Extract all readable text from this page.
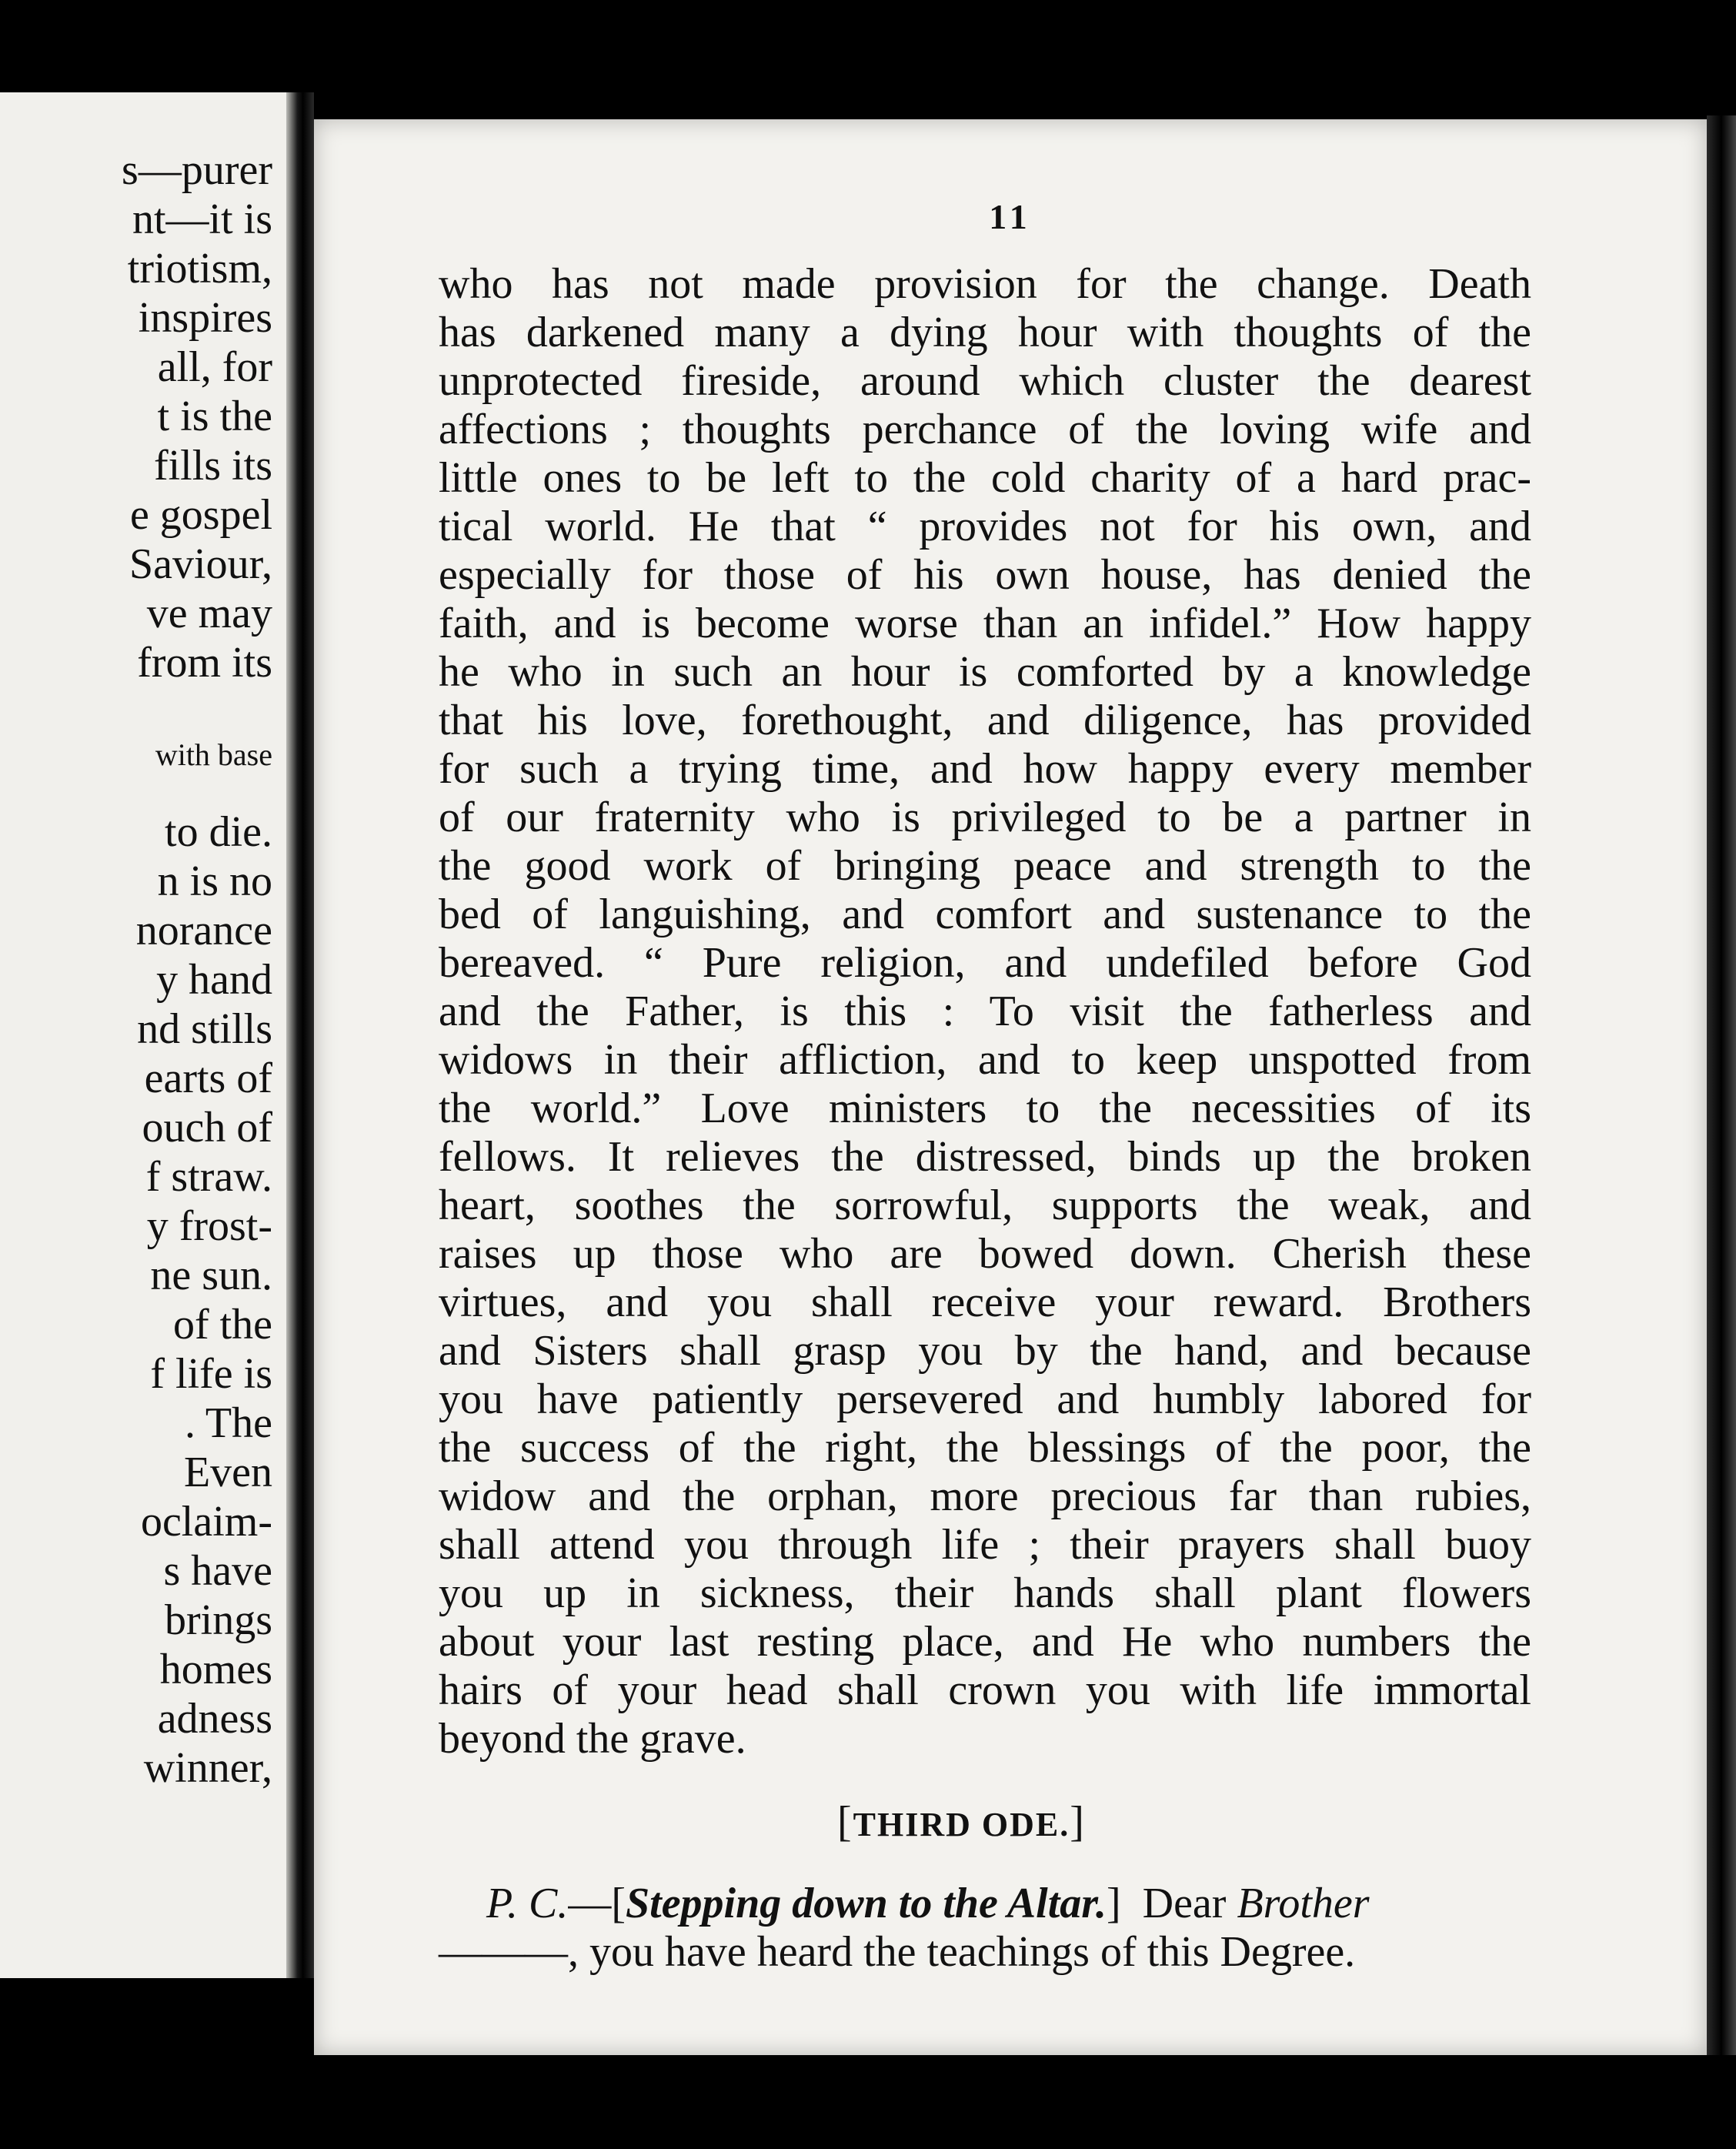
s—purer
nt—it is
triotism,
inspires
all, for
t is the
fills its
e gospel
Saviour,
ve may
from its
with base
to die.
n is no
norance
y hand
nd stills
earts of
ouch of
f straw.
y frost-
ne sun.
of the
f life is
. The
Even
oclaim-
s have
brings
homes
adness
winner,
11
who has not made provision for the change. Death
has darkened many a dying hour with thoughts of the
unprotected fireside, around which cluster the dearest
affections ; thoughts perchance of the loving wife and
little ones to be left to the cold charity of a hard prac-
tical world. He that “ provides not for his own, and
especially for those of his own house, has denied the
faith, and is become worse than an infidel.” How happy
he who in such an hour is comforted by a knowledge
that his love, forethought, and diligence, has provided
for such a trying time, and how happy every member
of our fraternity who is privileged to be a partner in
the good work of bringing peace and strength to the
bed of languishing, and comfort and sustenance to the
bereaved. “ Pure religion, and undefiled before God
and the Father, is this : To visit the fatherless and
widows in their affliction, and to keep unspotted from
the world.” Love ministers to the necessities of its
fellows. It relieves the distressed, binds up the broken
heart, soothes the sorrowful, supports the weak, and
raises up those who are bowed down. Cherish these
virtues, and you shall receive your reward. Brothers
and Sisters shall grasp you by the hand, and because
you have patiently persevered and humbly labored for
the success of the right, the blessings of the poor, the
widow and the orphan, more precious far than rubies,
shall attend you through life ; their prayers shall buoy
you up in sickness, their hands shall plant flowers
about your last resting place, and He who numbers the
hairs of your head shall crown you with life immortal
beyond the grave.
[THIRD ODE.]
P. C.—[Stepping down to the Altar.]  Dear Brother
———, you have heard the teachings of this Degree.
